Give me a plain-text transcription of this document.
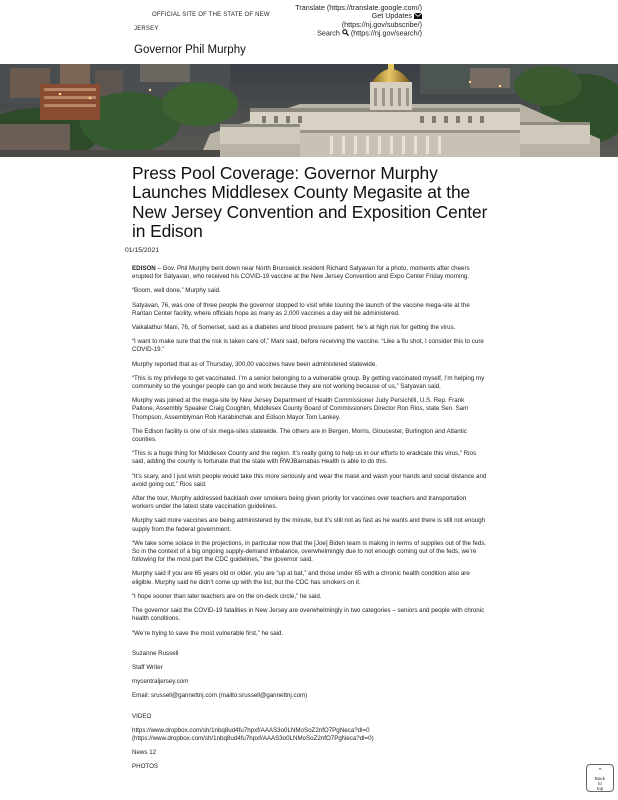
OFFICIAL SITE OF THE STATE OF NEW
JERSEY
Translate (https://translate.google.com/)
Get Updates
(https://nj.gov/subscribe/)
Search (https://nj.gov/search/)
Governor Phil Murphy
Press Pool Coverage: Governor Murphy Launches Middlesex County Megasite at the New Jersey Convention and Exposition Center in Edison
01/15/2021

EDISON – Gov. Phil Murphy bent down near North Brunswick resident Richard Satyavan for a photo, moments after cheers erupted for Satyavan, who received his COVID-19 vaccine at the New Jersey Convention and Expo Center Friday morning.

“Boom, well done,” Murphy said.

Satyavan, 76, was one of three people the governor stopped to visit while touring the launch of the vaccine mega-site at the Raritan Center facility, where officials hope as many as 2,000 vaccines a day will be administered.

Vaikalathur Mani, 76, of Somerset, said as a diabetes and blood pressure patient, he’s at high risk for getting the virus.

“I want to make sure that the risk is taken care of,” Mani said, before receiving the vaccine. “Like a flu shot, I consider this to cure COVID-19.”

Murphy reported that as of Thursday, 300,00 vaccines have been administered statewide.

“This is my privilege to get vaccinated. I’m a senior belonging to a vulnerable group. By getting vaccinated myself, I’m helping my community so the younger people can go and work because they are not working because of us,” Satyavan said.

Murphy was joined at the mega-site by New Jersey Department of Health Commissioner Judy Persichilli, U.S. Rep. Frank Pallone, Assembly Speaker Craig Coughlin, Middlesex County Board of Commissioners Director Ron Rios, state Sen. Sam Thompson, Assemblyman Rob Karabinchak and Edison Mayor Tom Lankey.

The Edison facility is one of six mega-sites statewide. The others are in Bergen, Morris, Gloucester, Burlington and Atlantic counties.

“This is a huge thing for Middlesex County and the region. It’s really going to help us in our efforts to eradicate this virus,” Rios said, adding the county is fortunate that the state with RWJBarnabas Health is able to do this.

“It’s scary, and I just wish people would take this more seriously and wear the mask and wash your hands and social distance and avoid going out,” Rios said.

After the tour, Murphy addressed backlash over smokers being given priority for vaccines over teachers and transportation workers under the latest state vaccination guidelines.

Murphy said more vaccines are being administered by the minute, but it’s still not as fast as he wants and there is still not enough supply from the federal government.

“We take some solace in the projections, in particular now that the [Joe] Biden team is making in terms of supplies out of the feds. So in the context of a big ongoing supply-demand imbalance, overwhelmingly due to not enough coming out of the feds, we’re following for the most part the CDC guidelines,” the governor said.

Murphy said if you are 65 years old or older, you are “up at bat,” and those under 65 with a chronic health condition also are eligible. Murphy said he didn’t come up with the list, but the CDC has smokers on it.

“I hope sooner than later teachers are on the on-deck circle,” he said.

The governor said the COVID-19 fatalities in New Jersey are overwhelmingly in two categories – seniors and people with chronic health conditions.

“We’re trying to save the most vulnerable first,” he said.

Suzanne Russell

Staff Writer

mycentraljersey.com

Email: srussell@gannettnj.com (mailto:srussell@gannettnj.com)

VIDEO

https://www.dropbox.com/sh/1nbq8ud4fu7hpxf/AAAS3o0LNMoSoZ2nfO7PgNeca?dl=0

(https://www.dropbox.com/sh/1nbq8ud4fu7hpxf/AAAS3o0LNMoSoZ2nfO7PgNeca?dl=0)

News 12

PHOTOS

⌃
Back
to
top
